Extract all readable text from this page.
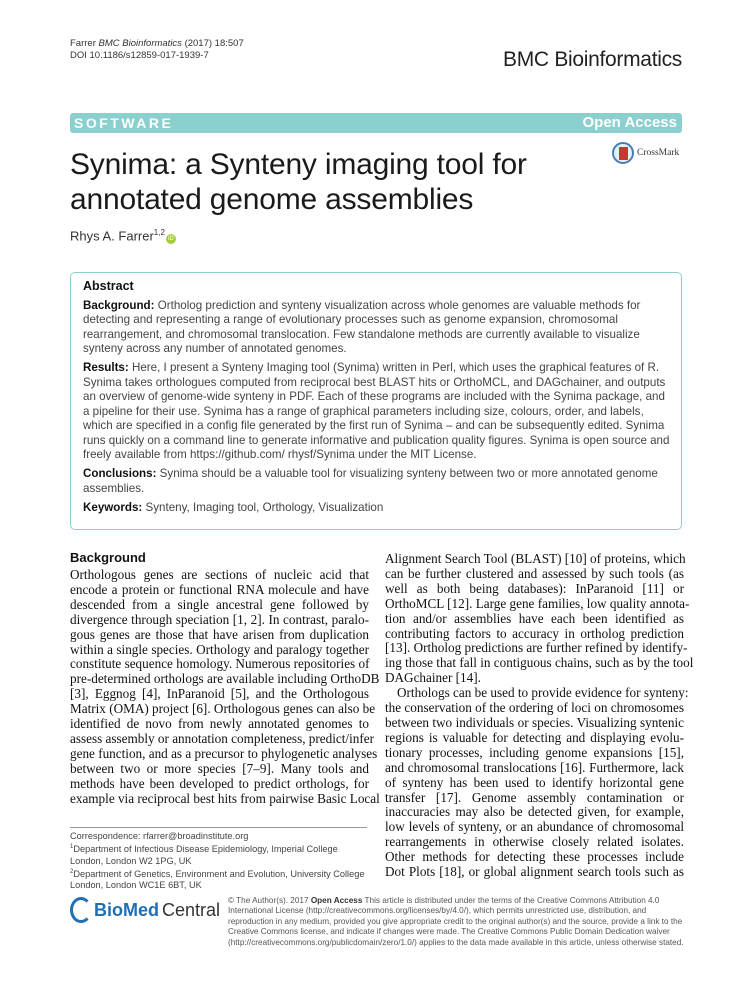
Farrer BMC Bioinformatics (2017) 18:507
DOI 10.1186/s12859-017-1939-7	BMC Bioinformatics
SOFTWARE	Open Access
CrossMark
Synima: a Synteny imaging tool for
annotated genome assemblies
Rhys A. Farrer$^{1,2}$iD
Abstract

Background: Ortholog prediction and synteny visualization across whole genomes are valuable methods for detecting and representing a range of evolutionary processes such as genome expansion, chromosomal rearrangement, and chromosomal translocation. Few standalone methods are currently available to visualize synteny across any number of annotated genomes.

Results: Here, I present a Synteny Imaging tool (Synima) written in Perl, which uses the graphical features of R. Synima takes orthologues computed from reciprocal best BLAST hits or OrthoMCL, and DAGchainer, and outputs an overview of genome-wide synteny in PDF. Each of these programs are included with the Synima package, and a pipeline for their use. Synima has a range of graphical parameters including size, colours, order, and labels, which are specified in a config file generated by the first run of Synima – and can be subsequently edited. Synima runs quickly on a command line to generate informative and publication quality figures. Synima is open source and freely available from https://github.com/ rhysf/Synima under the MIT License.

Conclusions: Synima should be a valuable tool for visualizing synteny between two or more annotated genome assemblies.

Keywords: Synteny, Imaging tool, Orthology, Visualization

Background
Orthologous genes are sections of nucleic acid that
encode a protein or functional RNA molecule and have
descended from a single ancestral gene followed by
divergence through speciation [1, 2]. In contrast, paralo-
gous genes are those that have arisen from duplication
within a single species. Orthology and paralogy together
constitute sequence homology. Numerous repositories of
pre-determined orthologs are available including OrthoDB
[3], Eggnog [4], InParanoid [5], and the Orthologous
Matrix (OMA) project [6]. Orthologous genes can also be
identified de novo from newly annotated genomes to
assess assembly or annotation completeness, predict/infer
gene function, and as a precursor to phylogenetic analyses
between two or more species [7–9]. Many tools and
methods have been developed to predict orthologs, for
example via reciprocal best hits from pairwise Basic Local
Alignment Search Tool (BLAST) [10] of proteins, which
can be further clustered and assessed by such tools (as
well as both being databases): InParanoid [11] or
OrthoMCL [12]. Large gene families, low quality annota-
tion and/or assemblies have each been identified as
contributing factors to accuracy in ortholog prediction
[13]. Ortholog predictions are further refined by identify-
ing those that fall in contiguous chains, such as by the tool
DAGchainer [14].
Orthologs can be used to provide evidence for synteny:
the conservation of the ordering of loci on chromosomes
between two individuals or species. Visualizing syntenic
regions is valuable for detecting and displaying evolu-
tionary processes, including genome expansions [15],
and chromosomal translocations [16]. Furthermore, lack
of synteny has been used to identify horizontal gene
transfer [17]. Genome assembly contamination or
inaccuracies may also be detected given, for example,
low levels of synteny, or an abundance of chromosomal
rearrangements in otherwise closely related isolates.
Other methods for detecting these processes include
Dot Plots [18], or global alignment search tools such as
Correspondence: rfarrer@broadinstitute.org
$^1$Department of Infectious Disease Epidemiology, Imperial College London, London W2 1PG, UK
$^2$Department of Genetics, Environment and Evolution, University College London, London WC1E 6BT, UK
BioMed Central © The Author(s). 2017 Open Access This article is distributed under the terms of the Creative Commons Attribution 4.0 International License (http://creativecommons.org/licenses/by/4.0/), which permits unrestricted use, distribution, and reproduction in any medium, provided you give appropriate credit to the original author(s) and the source, provide a link to the Creative Commons license, and indicate if changes were made. The Creative Commons Public Domain Dedication waiver (http://creativecommons.org/publicdomain/zero/1.0/) applies to the data made available in this article, unless otherwise stated.
